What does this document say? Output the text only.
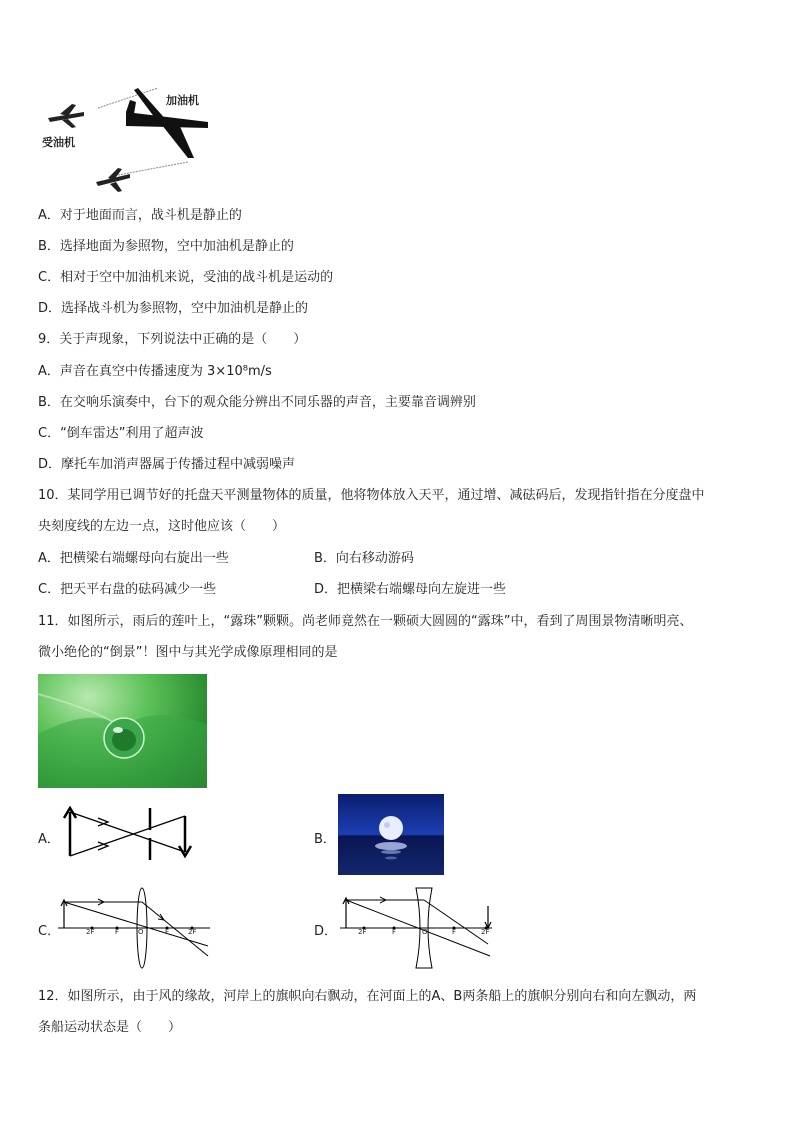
加油机
受油机
A．对于地面而言，战斗机是静止的
B．选择地面为参照物，空中加油机是静止的
C．相对于空中加油机来说，受油的战斗机是运动的
D．选择战斗机为参照物，空中加油机是静止的
9．关于声现象，下列说法中正确的是（　　）
A．声音在真空中传播速度为 3×10⁸m/s
B．在交响乐演奏中，台下的观众能分辨出不同乐器的声音，主要靠音调辨别
C．“倒车雷达”利用了超声波
D．摩托车加消声器属于传播过程中减弱噪声
10．某同学用已调节好的托盘天平测量物体的质量，他将物体放入天平，通过增、减砝码后，发现指针指在分度盘中
央刻度线的左边一点，这时他应该（　　）
A．把横梁右端螺母向右旋出一些	B．向右移动游码
C．把天平右盘的砝码减少一些	D．把横梁右端螺母向左旋进一些
11．如图所示，雨后的莲叶上，“露珠”颗颗。尚老师竟然在一颗硕大圆圆的“露珠”中，看到了周围景物清晰明亮、
微小绝伦的“倒景”！图中与其光学成像原理相同的是
A．	B．
C．	2F	F	O	F	2F	D．	2F	F	O	F	2F
12．如图所示，由于风的缘故，河岸上的旗帜向右飘动，在河面上的A、B两条船上的旗帜分别向右和向左飘动，两
条船运动状态是（　　）
